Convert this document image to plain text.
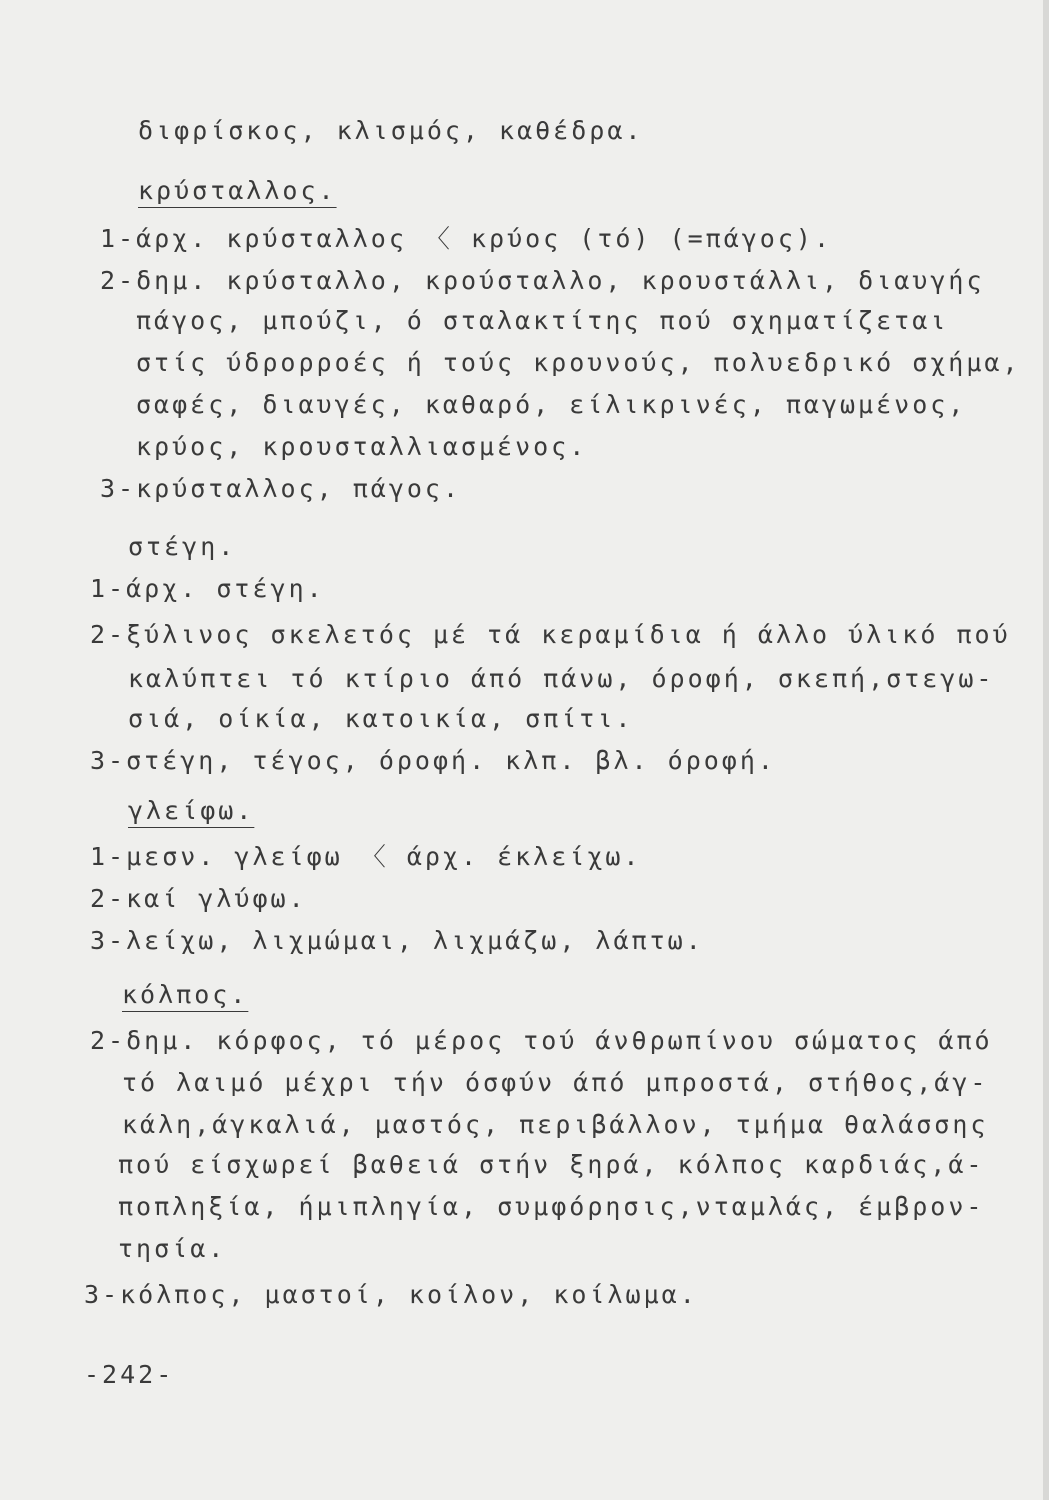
διφρίσκος, κλισμός, καθέδρα.
κρύσταλλος.
1-άρχ. κρύσταλλος 〈 κρύος (τό) (=πάγος).
2-δημ. κρύσταλλο, κρούσταλλο, κρουστάλλι, διαυγής
πάγος, μπούζι, ό σταλακτίτης πού σχηματίζεται
στίς ύδρορροές ή τούς κρουνούς, πολυεδρικό σχήμα,
σαφές, διαυγές, καθαρό, είλικρινές, παγωμένος,
κρύος, κρουσταλλιασμένος.
3-κρύσταλλος, πάγος.
στέγη.
1-άρχ. στέγη.
2-ξύλινος σκελετός μέ τά κεραμίδια ή άλλο ύλικό πού
καλύπτει τό κτίριο άπό πάνω, όροφή, σκεπή,στεγω-
σιά, οίκία, κατοικία, σπίτι.
3-στέγη, τέγος, όροφή. κλπ. βλ. όροφή.
γλείφω.
1-μεσν. γλείφω 〈 άρχ. έκλείχω.
2-καί γλύφω.
3-λείχω, λιχμώμαι, λιχμάζω, λάπτω.
κόλπος.
2-δημ. κόρφος, τό μέρος τού άνθρωπίνου σώματος άπό
τό λαιμό μέχρι τήν όσφύν άπό μπροστά, στήθος,άγ-
κάλη,άγκαλιά, μαστός, περιβάλλον, τμήμα θαλάσσης
πού είσχωρεί βαθειά στήν ξηρά, κόλπος καρδιάς,ά-
ποπληξία, ήμιπληγία, συμφόρησις,νταμλάς, έμβρον-
τησία.
3-κόλπος, μαστοί, κοίλον, κοίλωμα.
-242-
